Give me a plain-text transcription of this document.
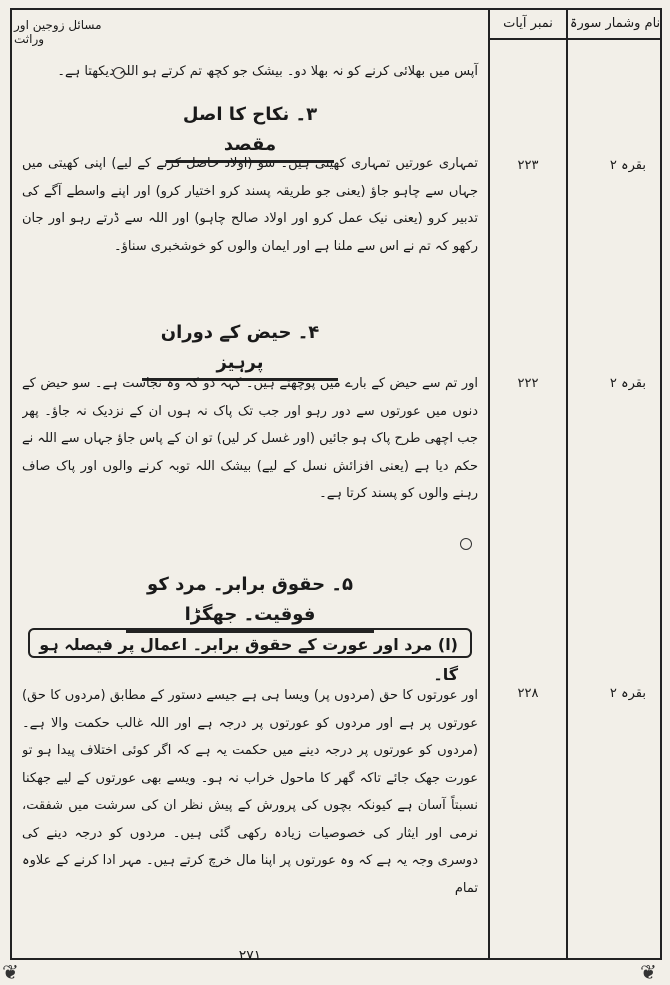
نام وشمار سورۃ
نمبر آیات
مسائل زوجین اور وراثت
آپس میں بھلائی کرنے کو نہ بھلا دو۔ بیشک جو کچھ تم کرتے ہو اللہ دیکھتا ہے۔
۳۔ نکاح کا اصل مقصد
بقرہ ۲
۲۲۳
تمہاری عورتیں تمہاری کھیتی ہیں۔ سو (اولاد حاصل کرنے کے لیے) اپنی کھیتی میں جہاں سے چاہو جاؤ (یعنی جو طریقہ پسند کرو اختیار کرو) اور اپنے واسطے آگے کی تدبیر کرو (یعنی نیک عمل کرو اور اولاد صالح چاہو) اور اللہ سے ڈرتے رہو اور جان رکھو کہ تم نے اس سے ملنا ہے اور ایمان والوں کو خوشخبری سناؤ۔
۴۔ حیض کے دوران پرہیز
بقرہ ۲
۲۲۲
اور تم سے حیض کے بارے میں پوچھتے ہیں۔ کہہ دو کہ وہ نجاست ہے۔ سو حیض کے دنوں میں عورتوں سے دور رہو اور جب تک پاک نہ ہوں ان کے نزدیک نہ جاؤ۔ پھر جب اچھی طرح پاک ہو جائیں (اور غسل کر لیں) تو ان کے پاس جاؤ جہاں سے اللہ نے حکم دیا ہے (یعنی افزائش نسل کے لیے) بیشک اللہ توبہ کرنے والوں اور پاک صاف رہنے والوں کو پسند کرتا ہے۔
۵۔ حقوق برابر۔ مرد کو فوقیت۔ جھگڑا
(ا) مرد اور عورت کے حقوق برابر۔ اعمال پر فیصلہ ہو گا۔
بقرہ ۲
۲۲۸
اور عورتوں کا حق (مردوں پر) ویسا ہی ہے جیسے دستور کے مطابق (مردوں کا حق) عورتوں پر ہے اور مردوں کو عورتوں پر درجہ ہے اور اللہ غالب حکمت والا ہے۔ (مردوں کو عورتوں پر درجہ دینے میں حکمت یہ ہے کہ اگر کوئی اختلاف پیدا ہو تو عورت جھک جائے تاکہ گھر کا ماحول خراب نہ ہو۔ ویسے بھی عورتوں کے لیے جھکنا نسبتاً آسان ہے کیونکہ بچوں کی پرورش کے پیش نظر ان کی سرشت میں شفقت، نرمی اور ایثار کی خصوصیات زیادہ رکھی گئی ہیں۔ مردوں کو درجہ دینے کی دوسری وجہ یہ ہے کہ وہ عورتوں پر اپنا مال خرچ کرتے ہیں۔ مہر ادا کرنے کے علاوہ تمام
۲۷۱
❦	❦
